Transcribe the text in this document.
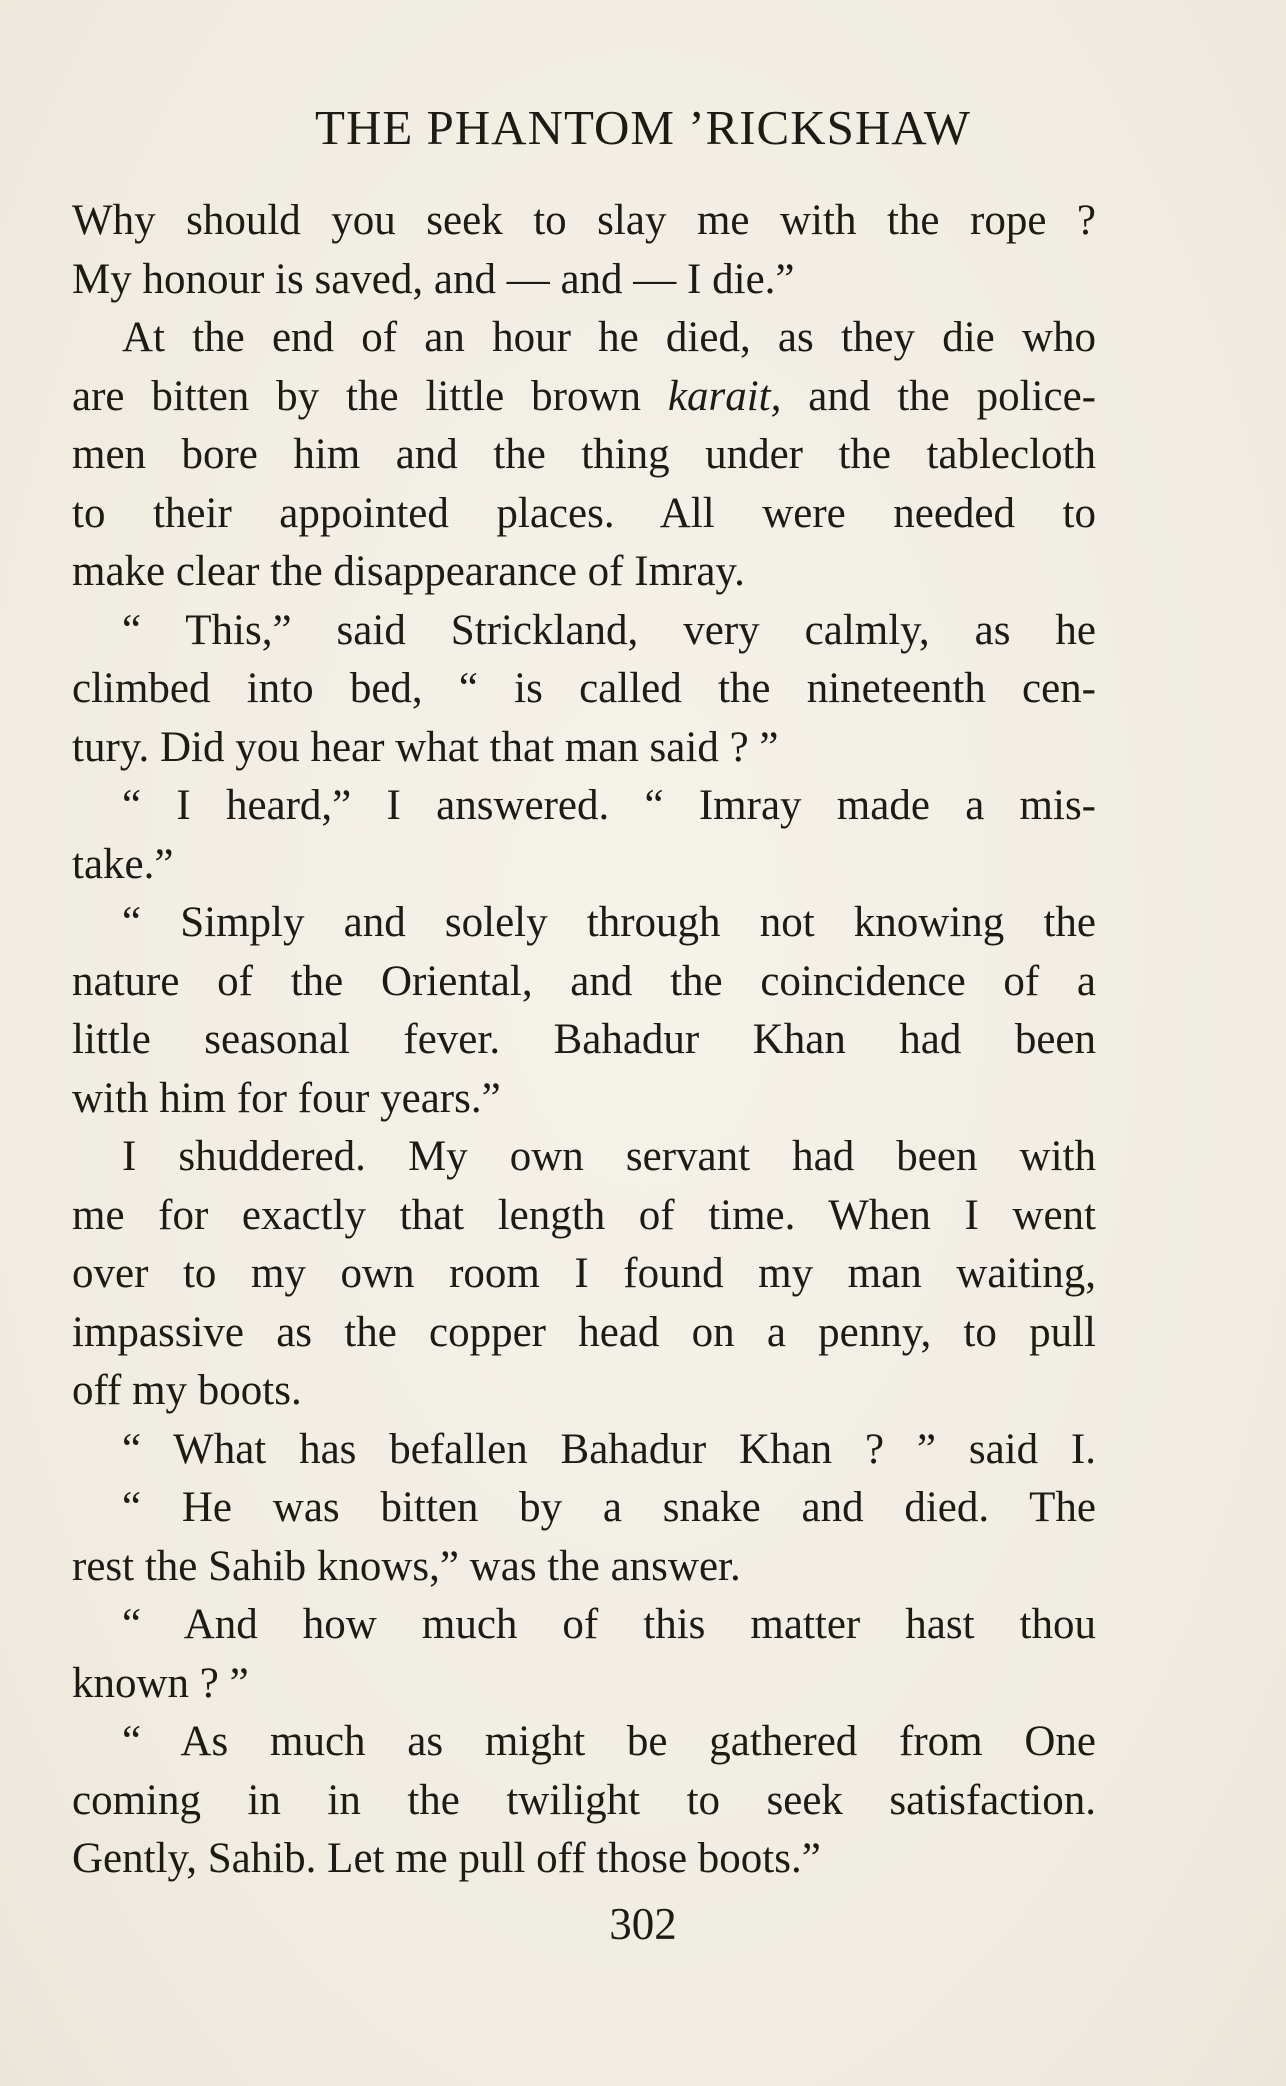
THE PHANTOM ’RICKSHAW
Why should you seek to slay me with the rope ?
My honour is saved, and — and — I die.”
At the end of an hour he died, as they die who
are bitten by the little brown karait, and the police-
men bore him and the thing under the tablecloth
to their appointed places. All were needed to
make clear the disappearance of Imray.
“ This,” said Strickland, very calmly, as he
climbed into bed, “ is called the nineteenth cen-
tury. Did you hear what that man said ? ”
“ I heard,” I answered. “ Imray made a mis-
take.”
“ Simply and solely through not knowing the
nature of the Oriental, and the coincidence of a
little seasonal fever. Bahadur Khan had been
with him for four years.”
I shuddered. My own servant had been with
me for exactly that length of time. When I went
over to my own room I found my man waiting,
impassive as the copper head on a penny, to pull
off my boots.
“ What has befallen Bahadur Khan ? ” said I.
“ He was bitten by a snake and died. The
rest the Sahib knows,” was the answer.
“ And how much of this matter hast thou
known ? ”
“ As much as might be gathered from One
coming in in the twilight to seek satisfaction.
Gently, Sahib. Let me pull off those boots.”
302
